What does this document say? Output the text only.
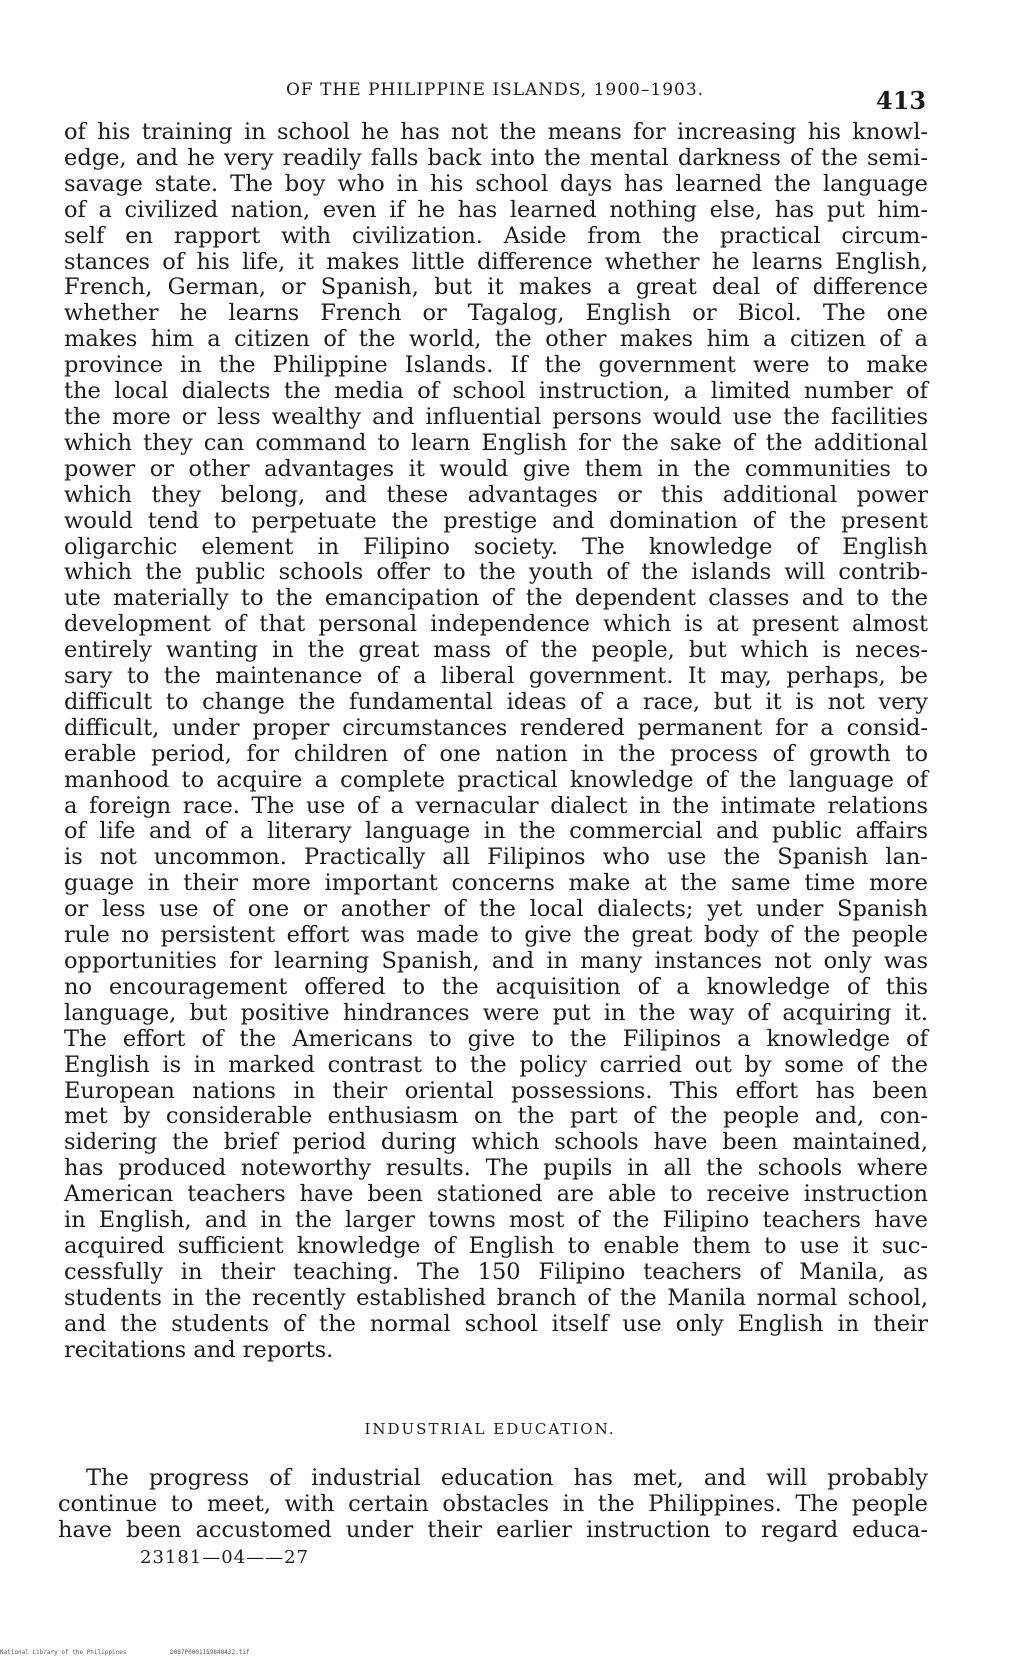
OF THE PHILIPPINE ISLANDS, 1900–1903.	413
of his training in school he has not the means for increasing his knowl-
edge, and he very readily falls back into the mental darkness of the semi-
savage state. The boy who in his school days has learned the language
of a civilized nation, even if he has learned nothing else, has put him-
self en rapport with civilization. Aside from the practical circum-
stances of his life, it makes little difference whether he learns English,
French, German, or Spanish, but it makes a great deal of difference
whether he learns French or Tagalog, English or Bicol. The one
makes him a citizen of the world, the other makes him a citizen of a
province in the Philippine Islands. If the government were to make
the local dialects the media of school instruction, a limited number of
the more or less wealthy and influential persons would use the facilities
which they can command to learn English for the sake of the additional
power or other advantages it would give them in the communities to
which they belong, and these advantages or this additional power
would tend to perpetuate the prestige and domination of the present
oligarchic element in Filipino society. The knowledge of English
which the public schools offer to the youth of the islands will contrib-
ute materially to the emancipation of the dependent classes and to the
development of that personal independence which is at present almost
entirely wanting in the great mass of the people, but which is neces-
sary to the maintenance of a liberal government. It may, perhaps, be
difficult to change the fundamental ideas of a race, but it is not very
difficult, under proper circumstances rendered permanent for a consid-
erable period, for children of one nation in the process of growth to
manhood to acquire a complete practical knowledge of the language of
a foreign race. The use of a vernacular dialect in the intimate relations
of life and of a literary language in the commercial and public affairs
is not uncommon. Practically all Filipinos who use the Spanish lan-
guage in their more important concerns make at the same time more
or less use of one or another of the local dialects; yet under Spanish
rule no persistent effort was made to give the great body of the people
opportunities for learning Spanish, and in many instances not only was
no encouragement offered to the acquisition of a knowledge of this
language, but positive hindrances were put in the way of acquiring it.
The effort of the Americans to give to the Filipinos a knowledge of
English is in marked contrast to the policy carried out by some of the
European nations in their oriental possessions. This effort has been
met by considerable enthusiasm on the part of the people and, con-
sidering the brief period during which schools have been maintained,
has produced noteworthy results. The pupils in all the schools where
American teachers have been stationed are able to receive instruction
in English, and in the larger towns most of the Filipino teachers have
acquired sufficient knowledge of English to enable them to use it suc-
cessfully in their teaching. The 150 Filipino teachers of Manila, as
students in the recently established branch of the Manila normal school,
and the students of the normal school itself use only English in their
recitations and reports.
INDUSTRIAL EDUCATION.
The progress of industrial education has met, and will probably
continue to meet, with certain obstacles in the Philippines. The people
have been accustomed under their earlier instruction to regard educa-
23181—04——27
National Library of the Philippines	D087P0001159848432.tif
